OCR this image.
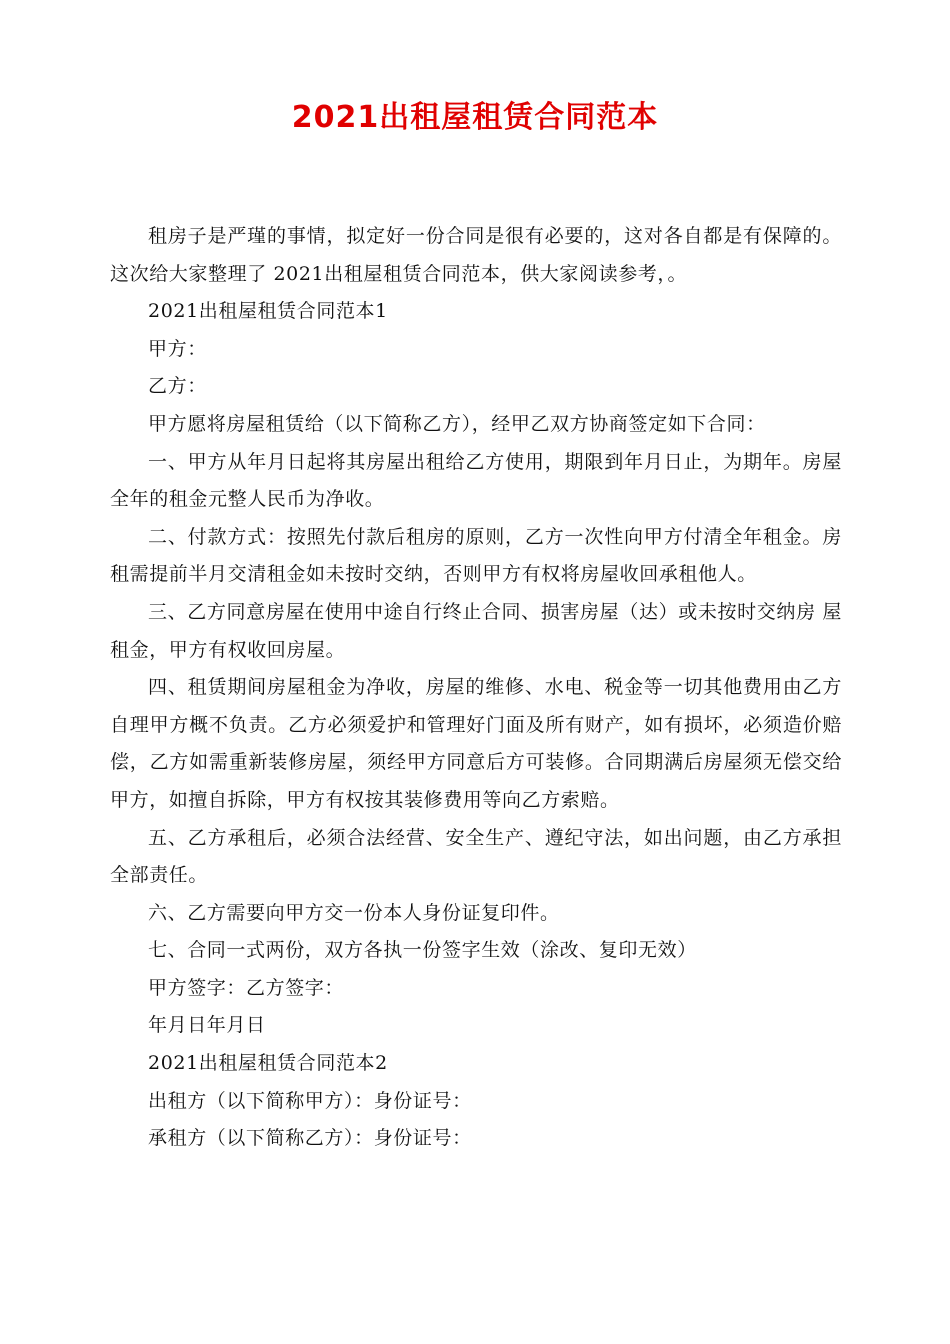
2021出租屋租赁合同范本

租房子是严瑾的事情，拟定好一份合同是很有必要的，这对各自都是有保障的。这次给大家整理了 2021出租屋租赁合同范本，供大家阅读参考，。

2021出租屋租赁合同范本1

甲方：

乙方：

甲方愿将房屋租赁给（以下简称乙方），经甲乙双方协商签定如下合同：

一、甲方从年月日起将其房屋出租给乙方使用，期限到年月日止，为期年。房屋全年的租金元整人民币为净收。

二、付款方式：按照先付款后租房的原则，乙方一次性向甲方付清全年租金。房租需提前半月交清租金如未按时交纳，否则甲方有权将房屋收回承租他人。

三、乙方同意房屋在使用中途自行终止合同、损害房屋（达）或未按时交纳房 屋租金，甲方有权收回房屋。

四、租赁期间房屋租金为净收，房屋的维修、水电、税金等一切其他费用由乙方自理甲方概不负责。乙方必须爱护和管理好门面及所有财产，如有损坏，必须造价赔偿，乙方如需重新装修房屋，须经甲方同意后方可装修。合同期满后房屋须无偿交给甲方，如擅自拆除，甲方有权按其装修费用等向乙方索赔。

五、乙方承租后，必须合法经营、安全生产、遵纪守法，如出问题，由乙方承担全部责任。

六、乙方需要向甲方交一份本人身份证复印件。

七、合同一式两份，双方各执一份签字生效（涂改、复印无效）

甲方签字：乙方签字：

年月日年月日

2021出租屋租赁合同范本2

出租方（以下简称甲方）：身份证号：

承租方（以下简称乙方）：身份证号：
